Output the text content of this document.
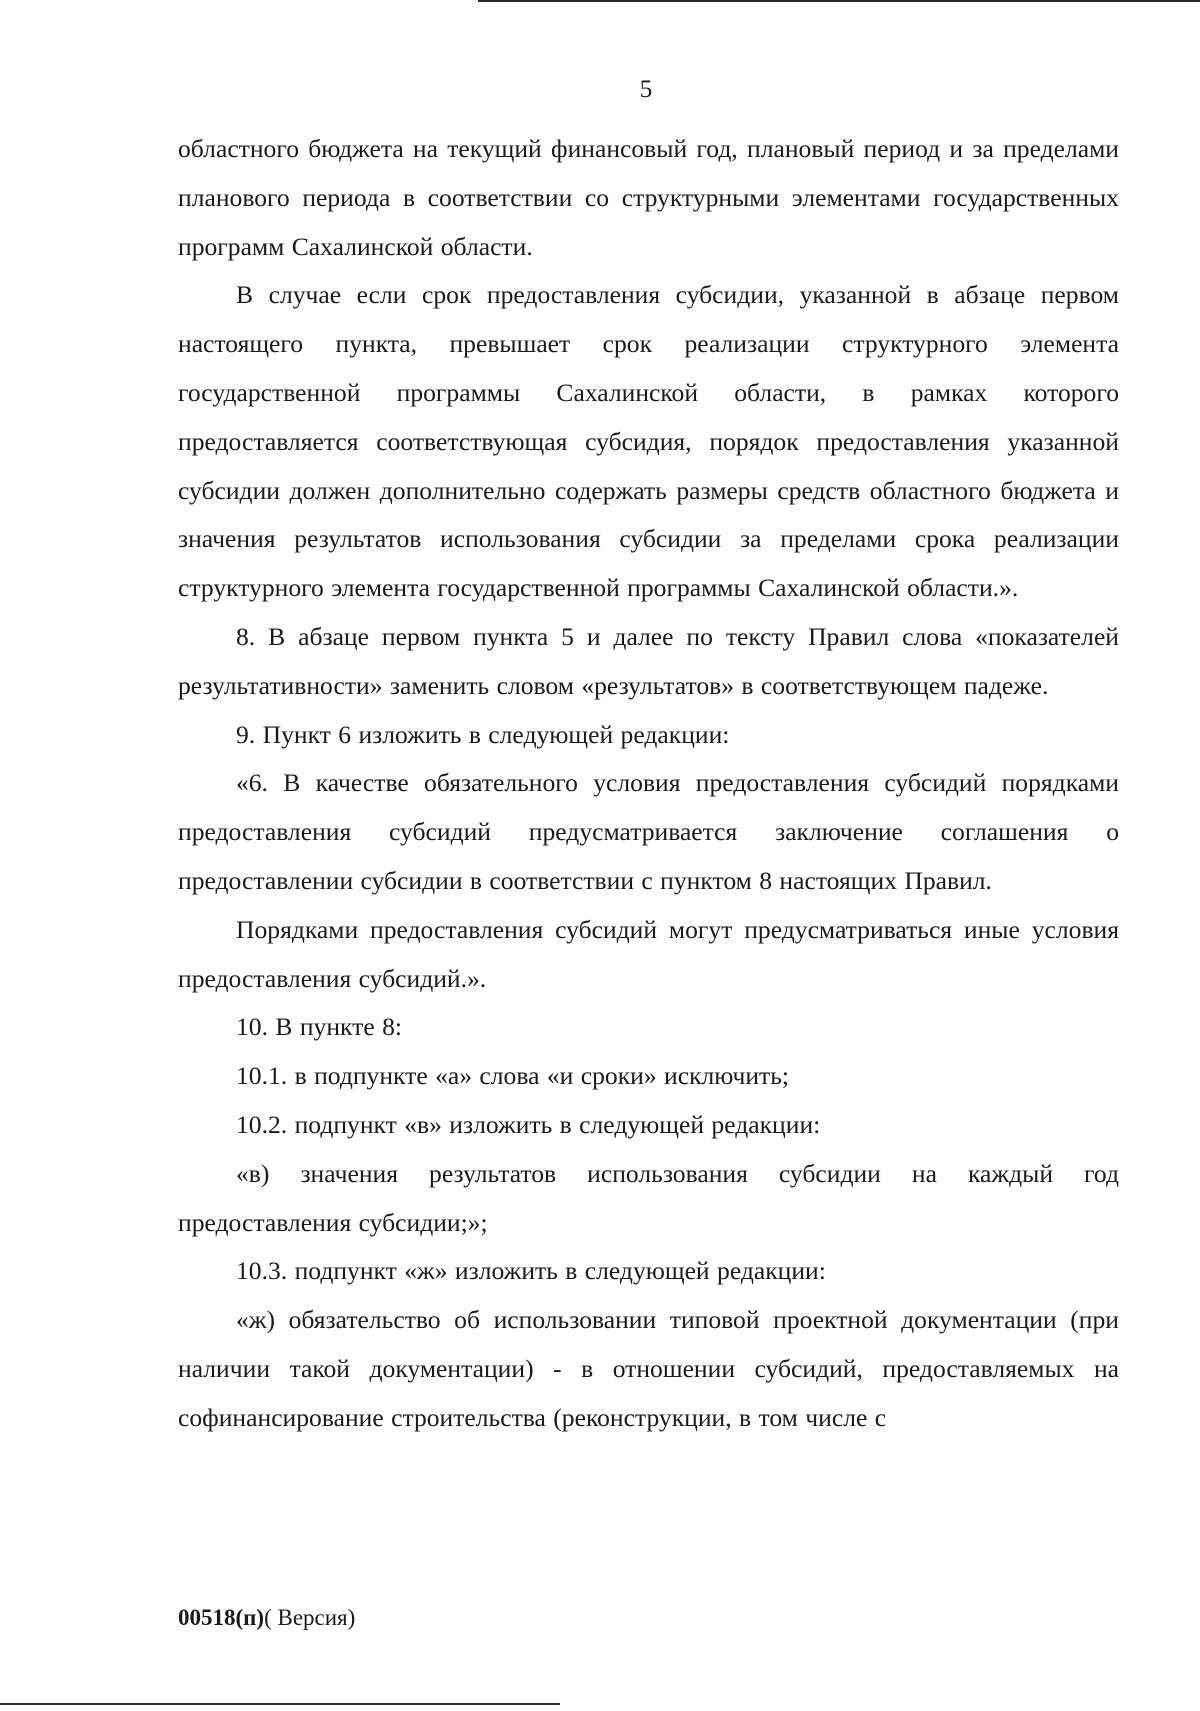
5

областного бюджета на текущий финансовый год, плановый период и за пределами планового периода в соответствии со структурными элементами государственных программ Сахалинской области.

В случае если срок предоставления субсидии, указанной в абзаце первом настоящего пункта, превышает срок реализации структурного элемента государственной программы Сахалинской области, в рамках которого предоставляется соответствующая субсидия, порядок предоставления указанной субсидии должен дополнительно содержать размеры средств областного бюджета и значения результатов использования субсидии за пределами срока реализации структурного элемента государственной программы Сахалинской области.».

8. В абзаце первом пункта 5 и далее по тексту Правил слова «показателей результативности» заменить словом «результатов» в соответствующем падеже.

9. Пункт 6 изложить в следующей редакции:

«6. В качестве обязательного условия предоставления субсидий порядками предоставления субсидий предусматривается заключение соглашения о предоставлении субсидии в соответствии с пунктом 8 настоящих Правил.

Порядками предоставления субсидий могут предусматриваться иные условия предоставления субсидий.».

10. В пункте 8:

10.1. в подпункте «а» слова «и сроки» исключить;

10.2. подпункт «в» изложить в следующей редакции:

«в) значения результатов использования субсидии на каждый год предоставления субсидии;»;

10.3. подпункт «ж» изложить в следующей редакции:

«ж) обязательство об использовании типовой проектной документации (при наличии такой документации) - в отношении субсидий, предоставляемых на софинансирование строительства (реконструкции, в том числе с

00518(п)( Версия)
